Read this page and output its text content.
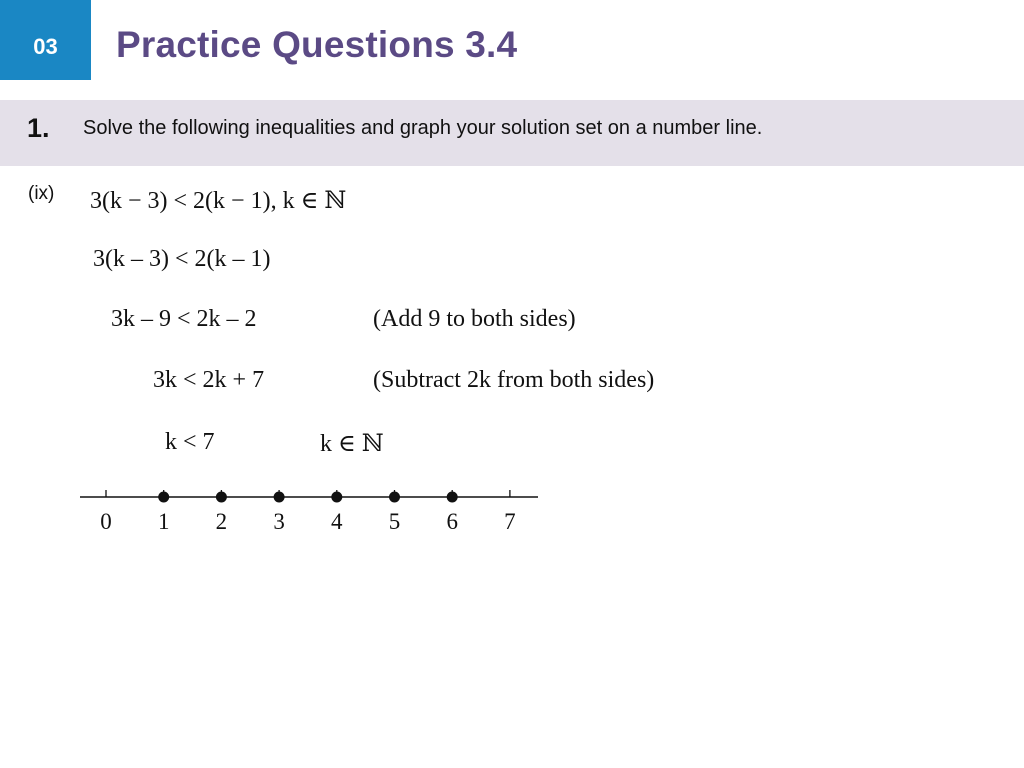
03 Practice Questions 3.4
1. Solve the following inequalities and graph your solution set on a number line.
(ix) 3(k − 3) < 2(k − 1), k ∈ ℕ
3(k – 3) < 2(k – 1)
3k – 9 < 2k – 2	(Add 9 to both sides)
3k < 2k + 7	(Subtract 2k from both sides)
k < 7	k ∈ ℕ
0 1 2 3 4 5 6 7
